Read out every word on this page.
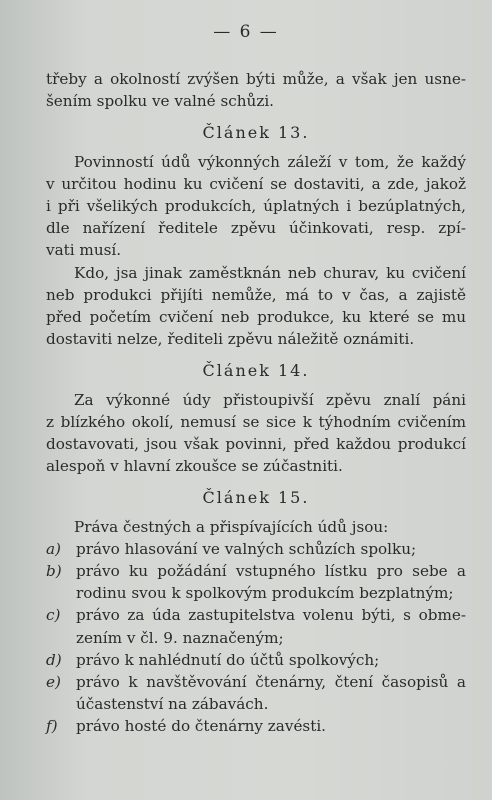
— 6 —
třeby a okolností zvýšen býti může, a však jen usne-
šením spolku ve valné schůzi.
Článek 13.
Povinností údů výkonných záleží v tom, že každý
v určitou hodinu ku cvičení se dostaviti, a zde, jakož
i při všelikých produkcích, úplatných i bezúplatných,
dle nařízení ředitele zpěvu účinkovati, resp. zpí-
vati musí.
Kdo, jsa jinak zaměstknán neb churav, ku cvičení
neb produkci přijíti nemůže, má to v čas, a zajistě
před početím cvičení neb produkce, ku které se mu
dostaviti nelze, řediteli zpěvu náležitě oznámiti.
Článek 14.
Za výkonné údy přistoupivší zpěvu znalí páni
z blízkého okolí, nemusí se sice k týhodním cvičením
dostavovati, jsou však povinni, před každou produkcí
alespoň v hlavní zkoušce se zúčastniti.
Článek 15.
Práva čestných a přispívajících údů jsou:
a) právo hlasování ve valných schůzích spolku;
b) právo ku požádání vstupného lístku pro sebe a
rodinu svou k spolkovým produkcím bezplatným;
c)	právo za úda zastupitelstva volenu býti, s obme-
zením v čl. 9. naznačeným;
d) právo k nahlédnutí do účtů spolkových;
e) právo k navštěvování čtenárny, čtení časopisů a
účastenství na zábavách.
f)	právo hosté do čtenárny zavésti.
